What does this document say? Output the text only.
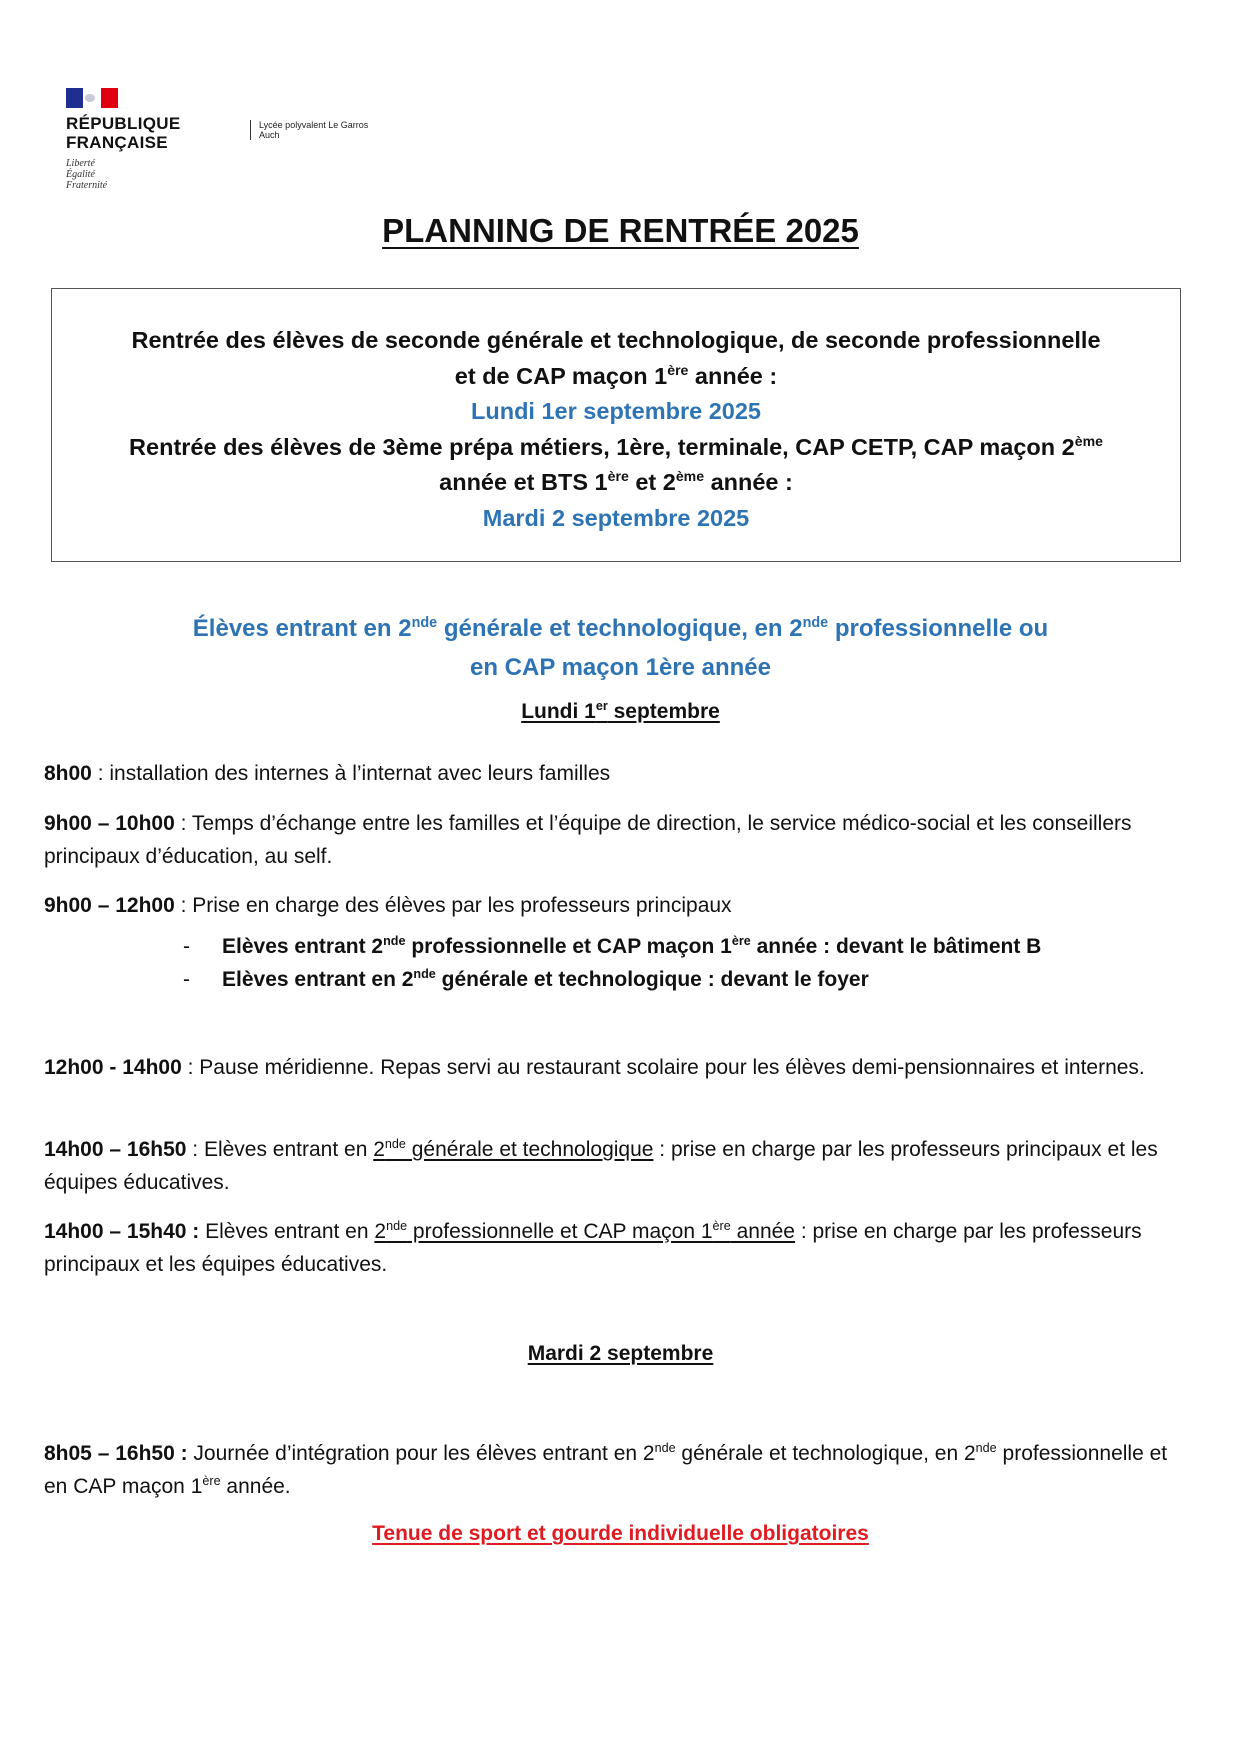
RÉPUBLIQUE
FRANÇAISE
Liberté
Égalité
Fraternité
Lycée polyvalent Le Garros
Auch
PLANNING DE RENTRÉE 2025
Rentrée des élèves de seconde générale et technologique, de seconde professionnelle
et de CAP maçon 1ère année :
Lundi 1er septembre 2025
Rentrée des élèves de 3ème prépa métiers, 1ère, terminale, CAP CETP, CAP maçon 2ème
année et BTS 1ère et 2ème année :
Mardi 2 septembre 2025
Élèves entrant en 2nde générale et technologique, en 2nde professionnelle ou
en CAP maçon 1ère année
Lundi 1er septembre
8h00 : installation des internes à l’internat avec leurs familles
9h00 – 10h00 : Temps d’échange entre les familles et l’équipe de direction, le service médico-social et les conseillers principaux d’éducation, au self.
9h00 – 12h00 : Prise en charge des élèves par les professeurs principaux
-	Elèves entrant 2nde professionnelle et CAP maçon 1ère année : devant le bâtiment B
-	Elèves entrant en 2nde générale et technologique : devant le foyer
12h00 - 14h00 : Pause méridienne. Repas servi au restaurant scolaire pour les élèves demi-pensionnaires et internes.
14h00 – 16h50 : Elèves entrant en 2nde générale et technologique : prise en charge par les professeurs principaux et les équipes éducatives.
14h00 – 15h40 : Elèves entrant en 2nde professionnelle et CAP maçon 1ère année : prise en charge par les professeurs principaux et les équipes éducatives.
Mardi 2 septembre
8h05 – 16h50 : Journée d’intégration pour les élèves entrant en 2nde générale et technologique, en 2nde professionnelle et en CAP maçon 1ère année.
Tenue de sport et gourde individuelle obligatoires
